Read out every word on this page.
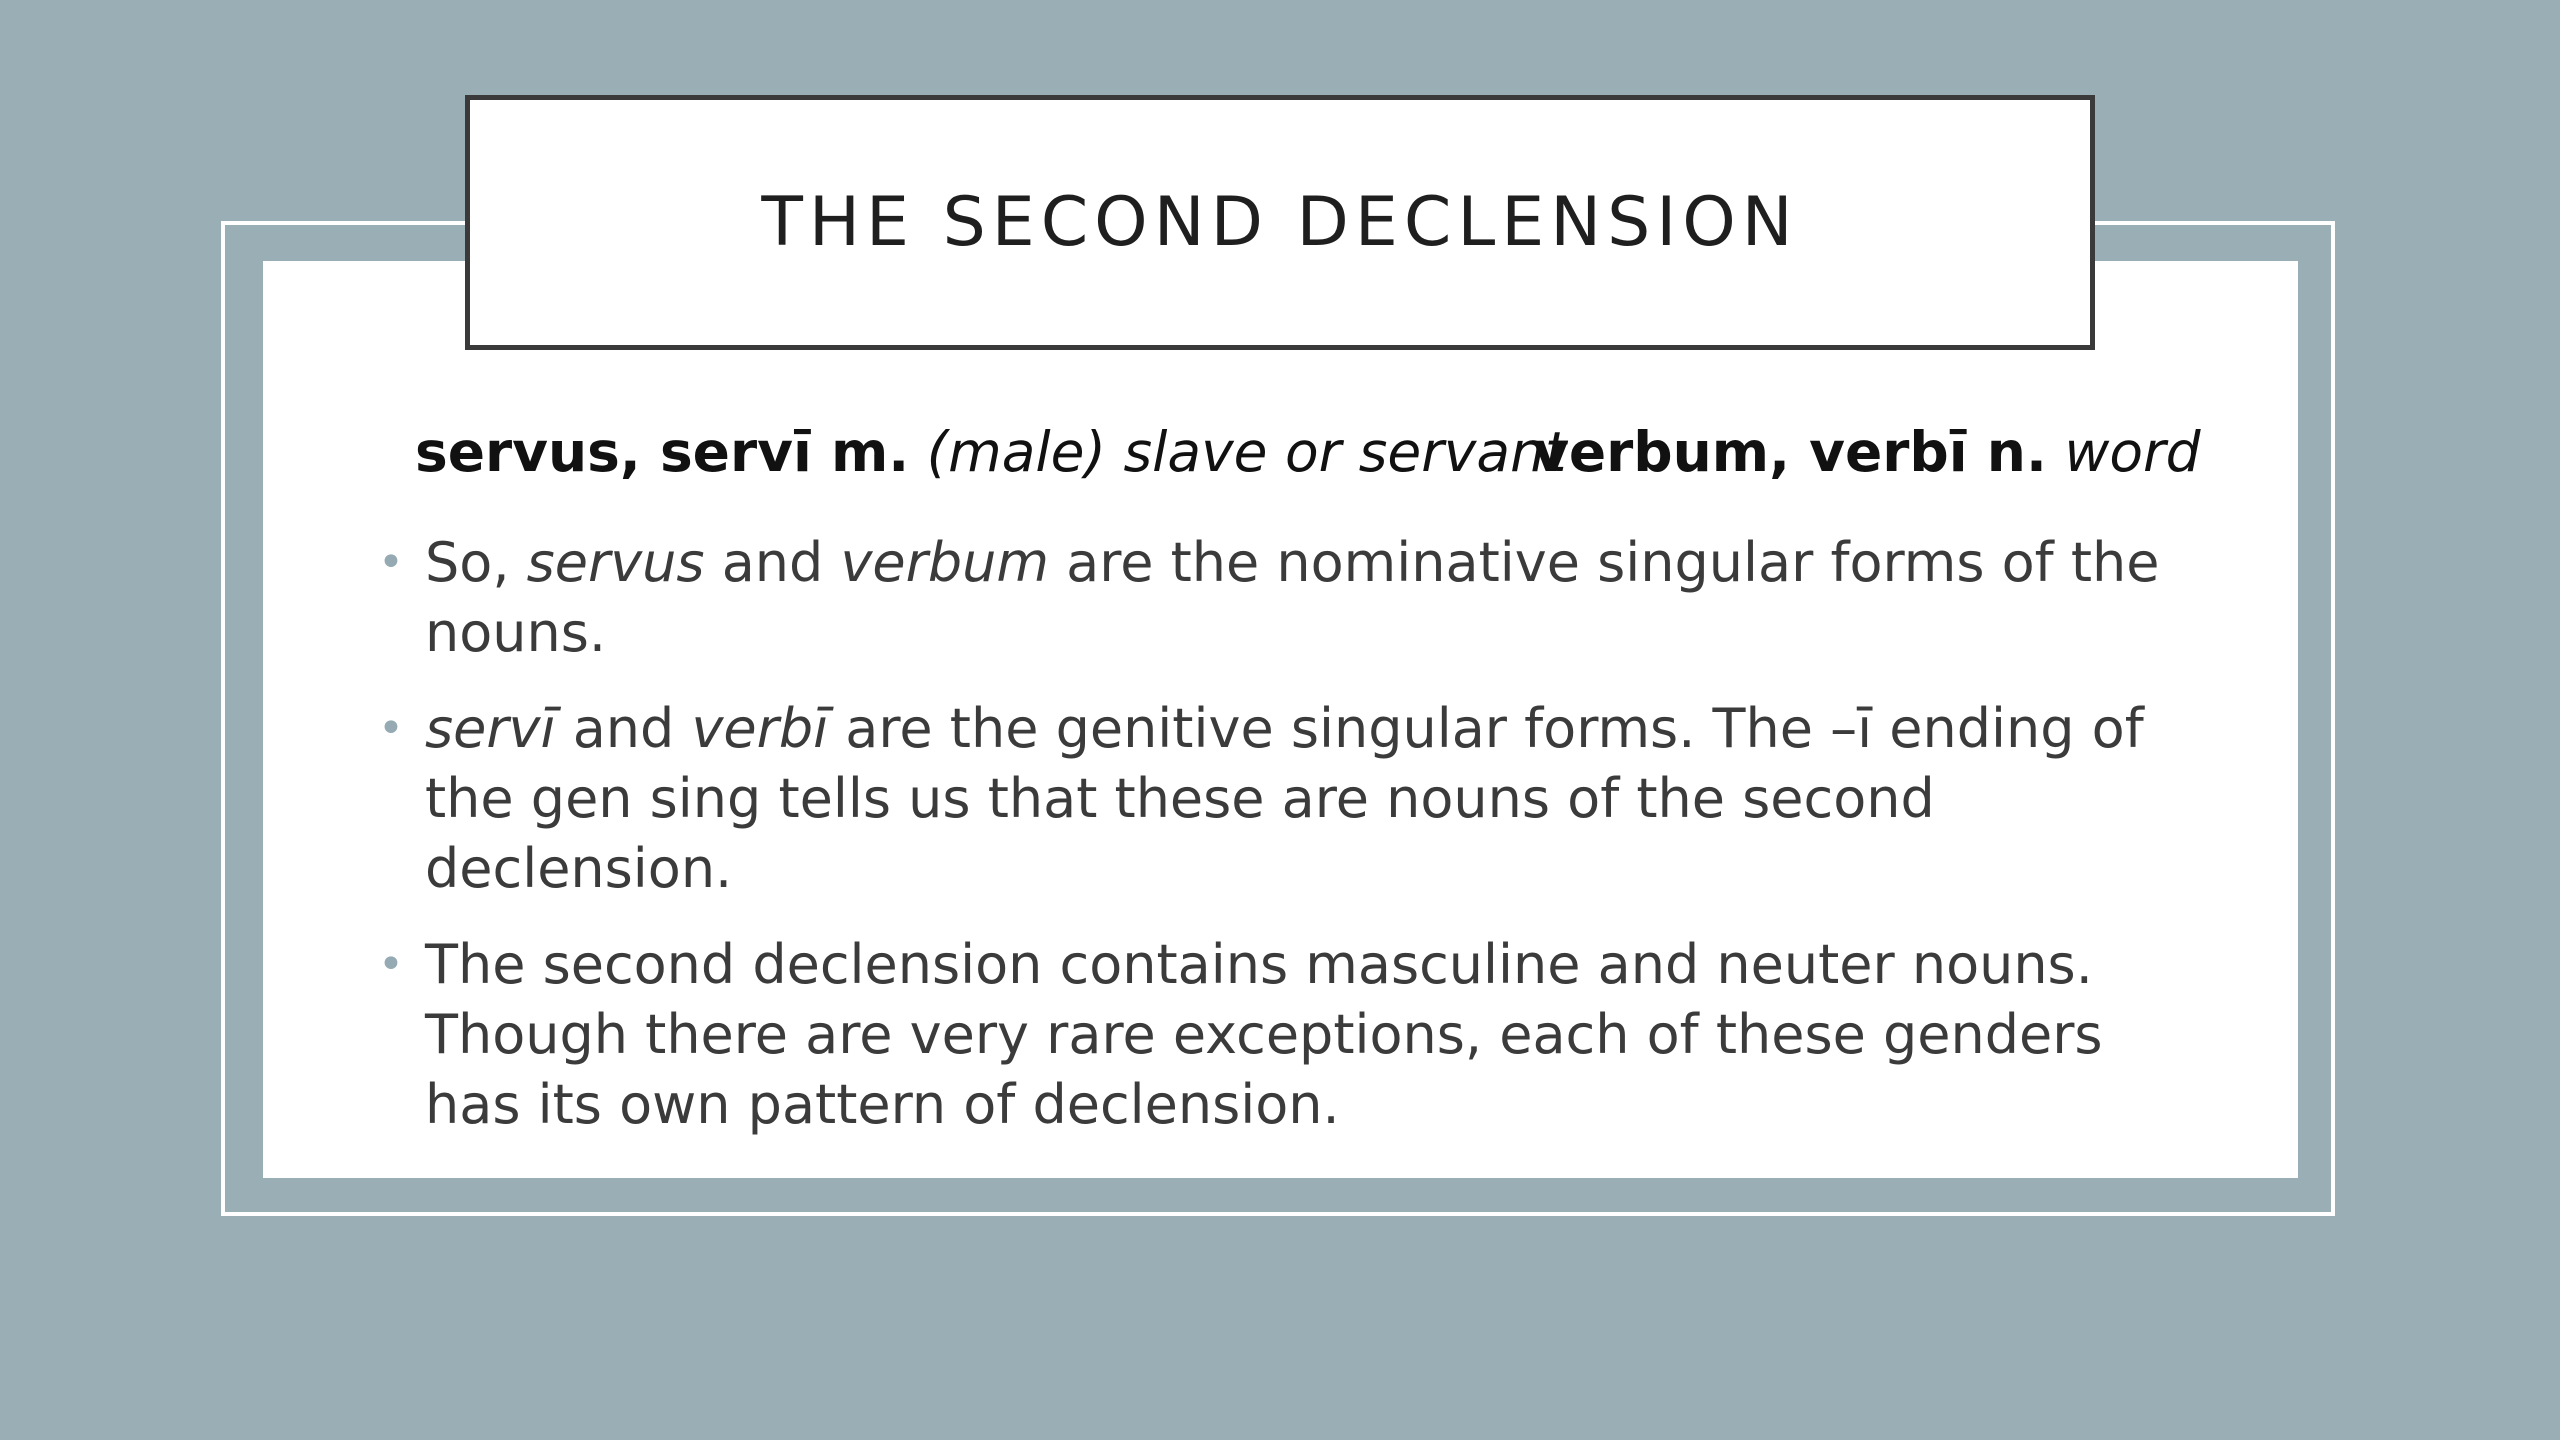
THE SECOND DECLENSION
servus, servī m. (male) slave or servant
verbum, verbī n. word
• So, servus and verbum are the nominative singular forms of the nouns.
• servī and verbī are the genitive singular forms. The –ī ending of the gen sing tells us that these are nouns of the second declension.
• The second declension contains masculine and neuter nouns. Though there are very rare exceptions, each of these genders has its own pattern of declension.
